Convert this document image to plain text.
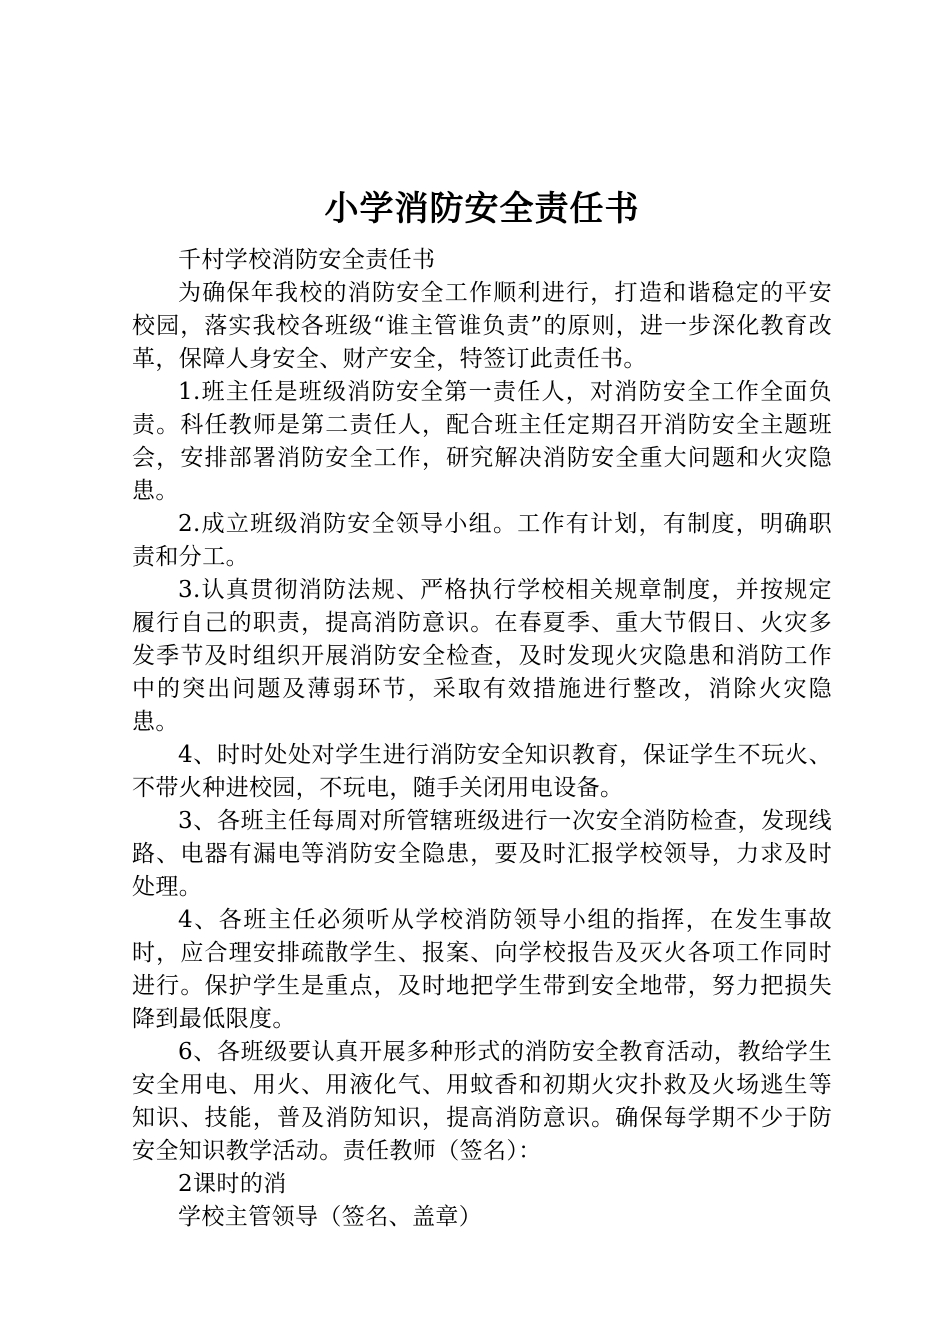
小学消防安全责任书

千村学校消防安全责任书

为确保年我校的消防安全工作顺利进行，打造和谐稳定的平安校园，落实我校各班级“谁主管谁负责”的原则，进一步深化教育改革，保障人身安全、财产安全，特签订此责任书。

1.班主任是班级消防安全第一责任人，对消防安全工作全面负责。科任教师是第二责任人，配合班主任定期召开消防安全主题班会，安排部署消防安全工作，研究解决消防安全重大问题和火灾隐患。

2.成立班级消防安全领导小组。工作有计划，有制度，明确职责和分工。

3.认真贯彻消防法规、严格执行学校相关规章制度，并按规定履行自己的职责，提高消防意识。在春夏季、重大节假日、火灾多发季节及时组织开展消防安全检查，及时发现火灾隐患和消防工作中的突出问题及薄弱环节，采取有效措施进行整改，消除火灾隐患。

4、时时处处对学生进行消防安全知识教育，保证学生不玩火、不带火种进校园，不玩电，随手关闭用电设备。

3、各班主任每周对所管辖班级进行一次安全消防检查，发现线路、电器有漏电等消防安全隐患，要及时汇报学校领导，力求及时处理。

4、各班主任必须听从学校消防领导小组的指挥，在发生事故时，应合理安排疏散学生、报案、向学校报告及灭火各项工作同时进行。保护学生是重点，及时地把学生带到安全地带，努力把损失降到最低限度。

6、各班级要认真开展多种形式的消防安全教育活动，教给学生安全用电、用火、用液化气、用蚊香和初期火灾扑救及火场逃生等知识、技能，普及消防知识，提高消防意识。确保每学期不少于防安全知识教学活动。责任教师（签名）：

2课时的消

学校主管领导（签名、盖章）
